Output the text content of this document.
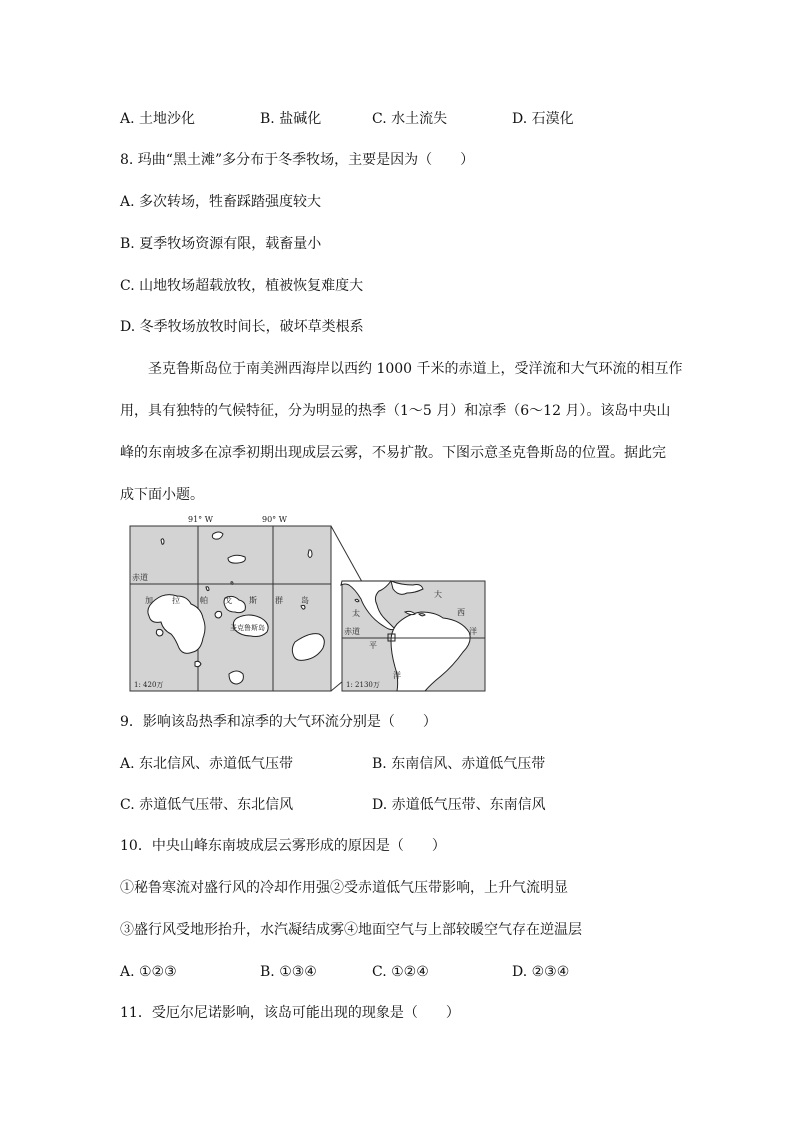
A. 土地沙化	B. 盐碱化	C. 水土流失	D. 石漠化
8. 玛曲“黑土滩”多分布于冬季牧场，主要是因为（　　）
A. 多次转场，牲畜踩踏强度较大
B. 夏季牧场资源有限，载畜量小
C. 山地牧场超载放牧，植被恢复难度大
D. 冬季牧场放牧时间长，破坏草类根系
圣克鲁斯岛位于南美洲西海岸以西约 1000 千米的赤道上，受洋流和大气环流的相互作
用，具有独特的气候特征，分为明显的热季（1～5 月）和凉季（6～12 月）。该岛中央山
峰的东南坡多在凉季初期出现成层云雾，不易扩散。下图示意圣克鲁斯岛的位置。据此完
成下面小题。
91° W	90° W
赤道
加 拉	帕 戈 斯 群 岛
圣克鲁斯岛
1: 420万
太
大
西
洋
赤道
平
洋
1: 2130万
9．影响该岛热季和凉季的大气环流分别是（　　）
A. 东北信风、赤道低气压带	B. 东南信风、赤道低气压带
C. 赤道低气压带、东北信风	D. 赤道低气压带、东南信风
10．中央山峰东南坡成层云雾形成的原因是（　　）
①秘鲁寒流对盛行风的冷却作用强②受赤道低气压带影响，上升气流明显
③盛行风受地形抬升，水汽凝结成雾④地面空气与上部较暖空气存在逆温层
A. ①②③	B. ①③④	C. ①②④	D. ②③④
11．受厄尔尼诺影响，该岛可能出现的现象是（　　）
